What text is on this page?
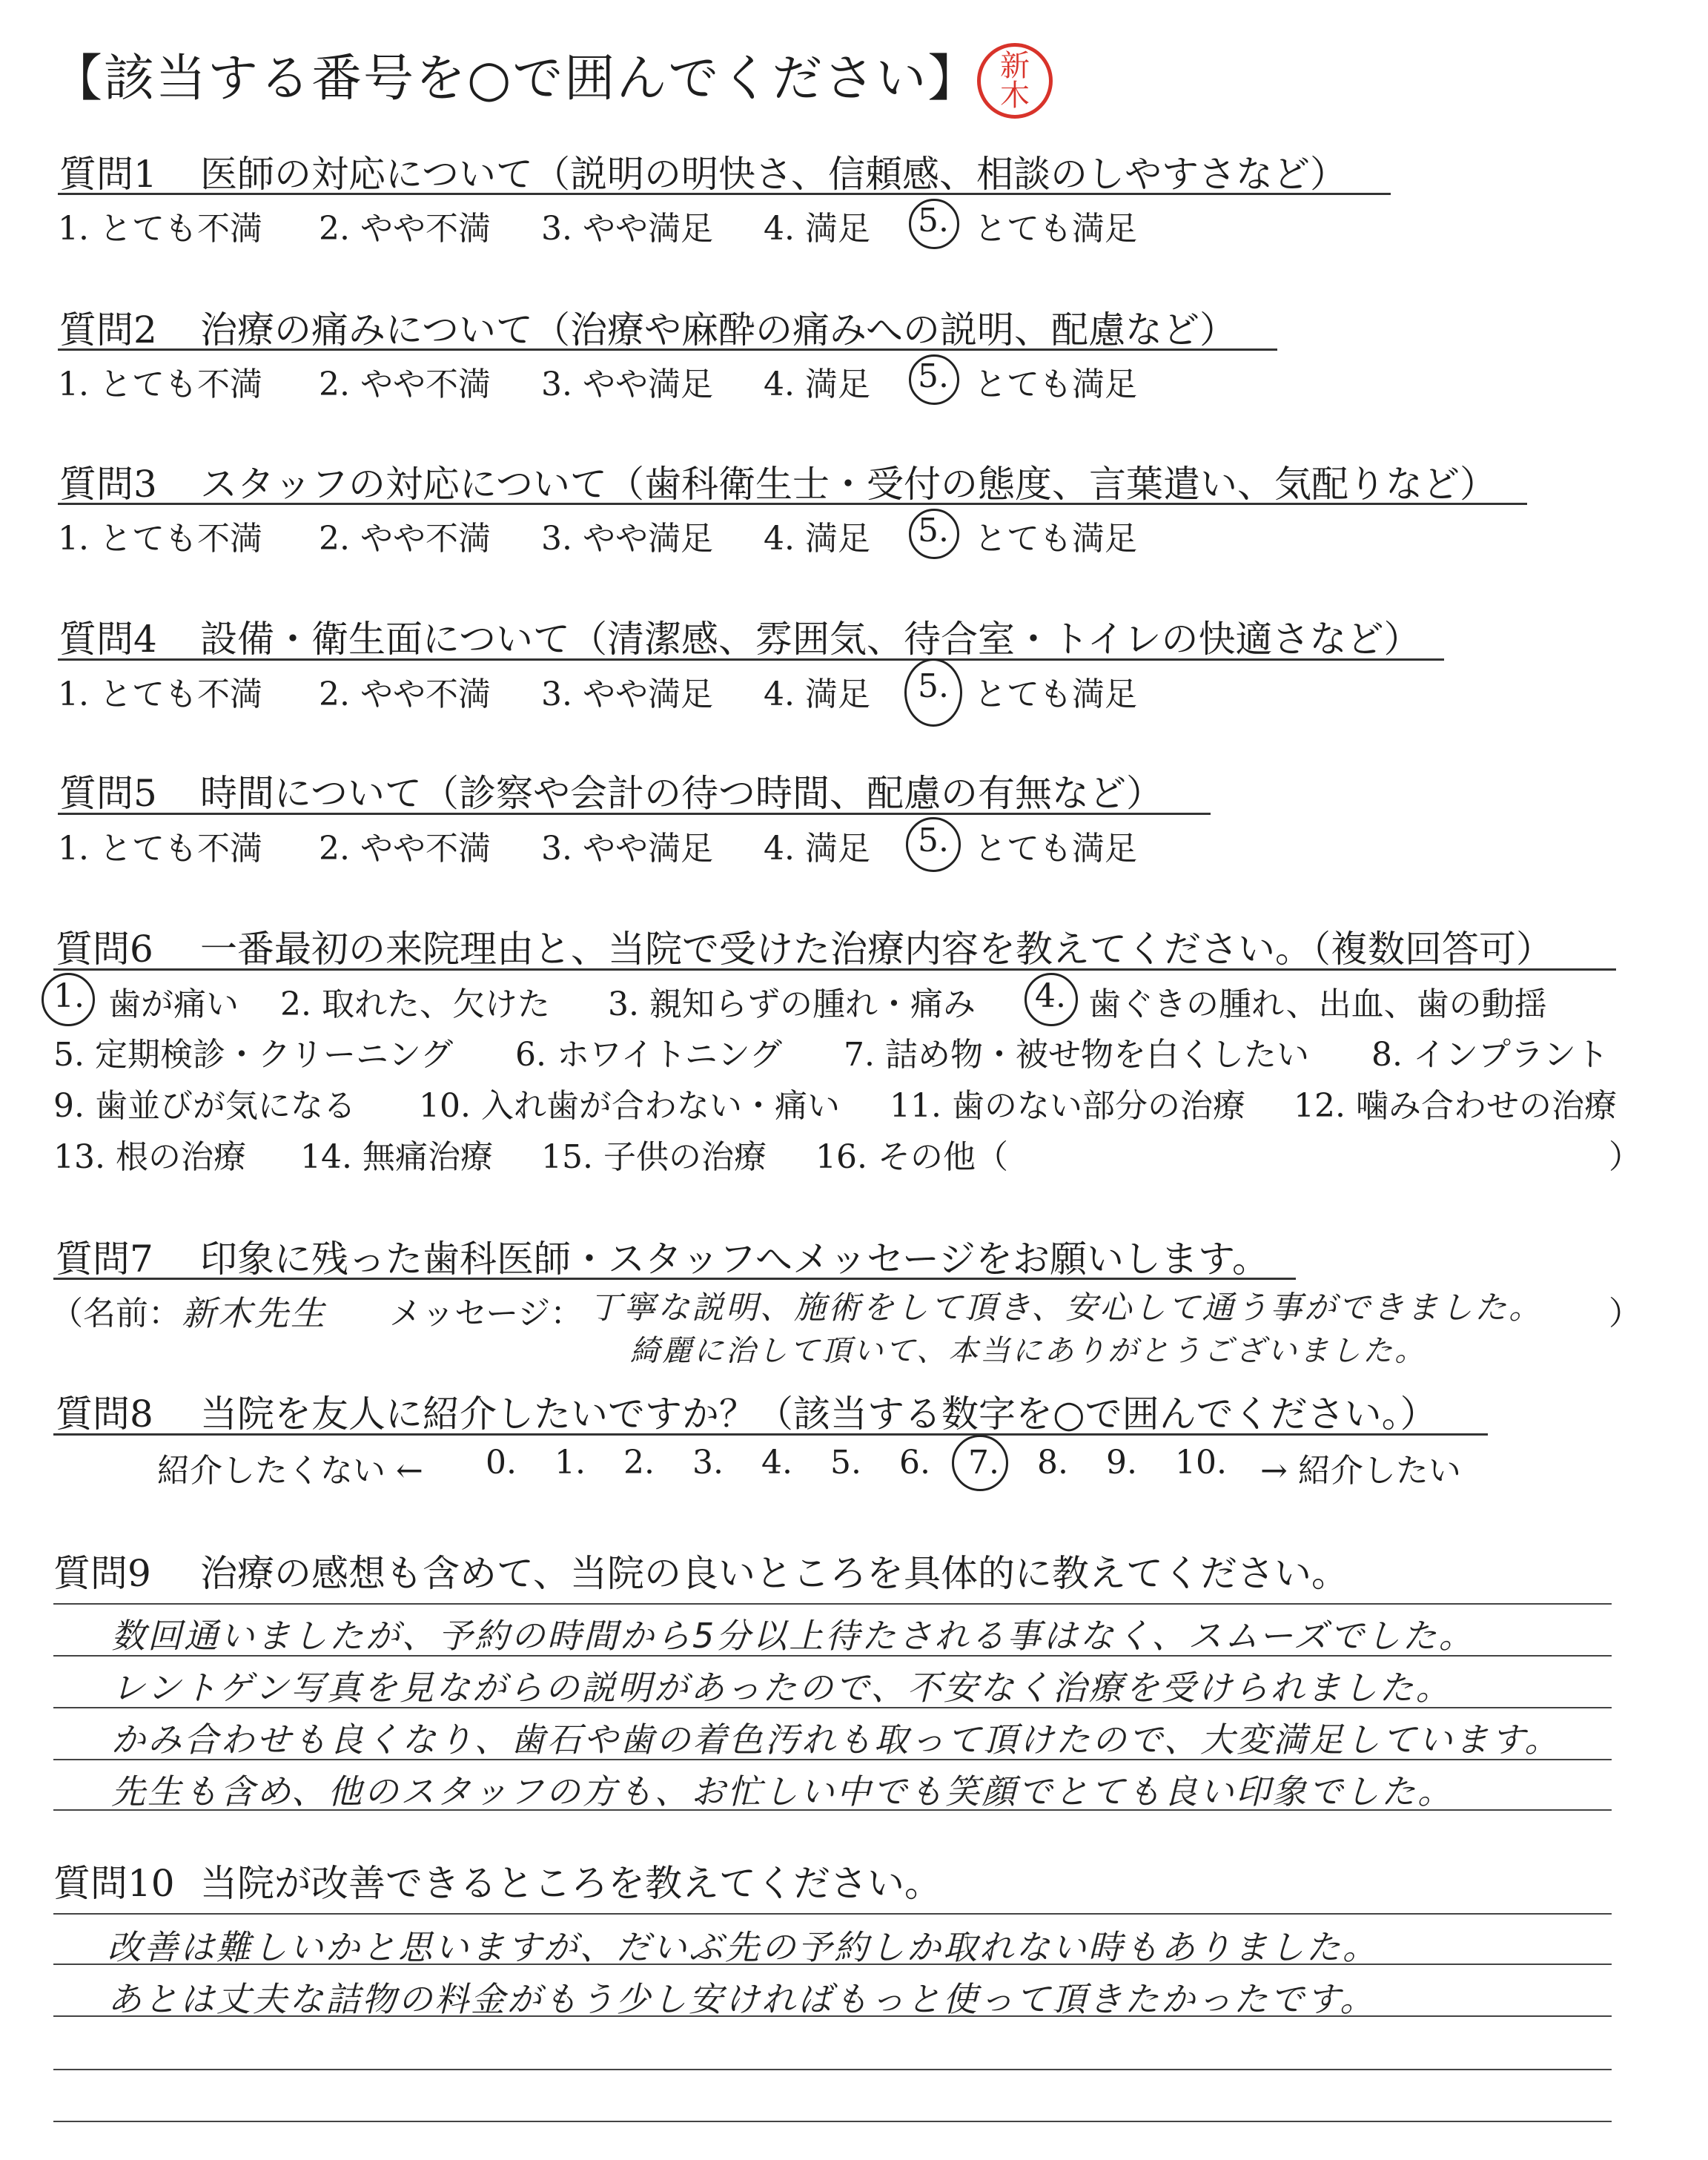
【該当する番号を○で囲んでください】 新
木
質問1 医師の対応について（説明の明快さ、信頼感、相談のしやすさなど）
1. とても不満 2. やや不満 3. やや満足 4. 満足 5. とても満足
質問2 治療の痛みについて（治療や麻酔の痛みへの説明、配慮など）
1. とても不満 2. やや不満 3. やや満足 4. 満足 5. とても満足
質問3 スタッフの対応について（歯科衛生士・受付の態度、言葉遣い、気配りなど）
1. とても不満 2. やや不満 3. やや満足 4. 満足 5. とても満足
質問4 設備・衛生面について（清潔感、雰囲気、待合室・トイレの快適さなど）
1. とても不満 2. やや不満 3. やや満足 4. 満足 5. とても満足
質問5 時間について（診察や会計の待つ時間、配慮の有無など）
1. とても不満 2. やや不満 3. やや満足 4. 満足 5. とても満足
質問6 一番最初の来院理由と、当院で受けた治療内容を教えてください。（複数回答可）
1. 歯が痛い 2. 取れた、欠けた 3. 親知らずの腫れ・痛み 4. 歯ぐきの腫れ、出血、歯の動揺
5. 定期検診・クリーニング 6. ホワイトニング 7. 詰め物・被せ物を白くしたい 8. インプラント
9. 歯並びが気になる 10. 入れ歯が合わない・痛い 11. 歯のない部分の治療 12. 噛み合わせの治療
13. 根の治療 14. 無痛治療 15. 子供の治療 16. その他（	）
質問7 印象に残った歯科医師・スタッフへメッセージをお願いします。
（名前： 新木先生 メッセージ： 丁寧な説明、施術をして頂き、安心して通う事ができました。
綺麗に治して頂いて、本当にありがとうございました。
）
質問8 当院を友人に紹介したいですか？（該当する数字を○で囲んでください。）
紹介したくない ← 0. 1. 2. 3. 4. 5. 6. 7. 8. 9. 10. → 紹介したい
質問9 治療の感想も含めて、当院の良いところを具体的に教えてください。
数回通いましたが、予約の時間から5分以上待たされる事はなく、スムーズでした。
レントゲン写真を見ながらの説明があったので、不安なく治療を受けられました。
かみ合わせも良くなり、歯石や歯の着色汚れも取って頂けたので、大変満足しています。
先生も含め、他のスタッフの方も、お忙しい中でも笑顔でとても良い印象でした。
質問10 当院が改善できるところを教えてください。
改善は難しいかと思いますが、だいぶ先の予約しか取れない時もありました。
あとは丈夫な詰物の料金がもう少し安ければもっと使って頂きたかったです。
